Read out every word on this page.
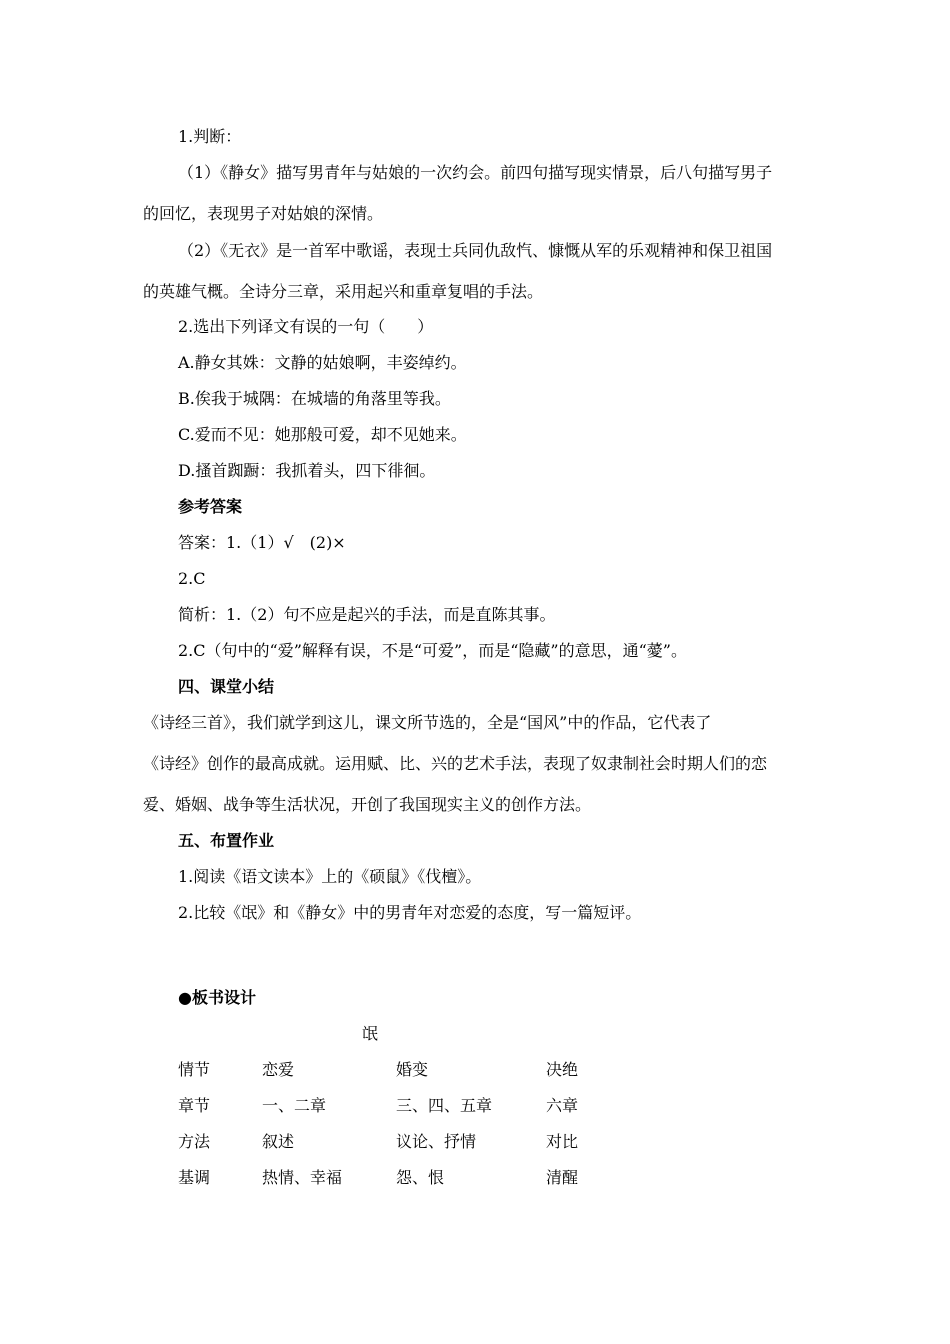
1.判断：
（1）《静女》描写男青年与姑娘的一次约会。前四句描写现实情景，后八句描写男子
的回忆，表现男子对姑娘的深情。
（2）《无衣》是一首军中歌谣，表现士兵同仇敌忾、慷慨从军的乐观精神和保卫祖国
的英雄气概。全诗分三章，采用起兴和重章复唱的手法。
2.选出下列译文有误的一句（　　）
A.静女其姝：文静的姑娘啊，丰姿绰约。
B.俟我于城隅：在城墙的角落里等我。
C.爱而不见：她那般可爱，却不见她来。
D.搔首踟蹰：我抓着头，四下徘徊。
参考答案
答案：1.（1）√　(2)×
2.C
简析：1.（2）句不应是起兴的手法，而是直陈其事。
2.C（句中的“爱”解释有误，不是“可爱”，而是“隐藏”的意思，通“薆”。
四、课堂小结
《诗经三首》，我们就学到这儿，课文所节选的，全是“国风”中的作品，它代表了
《诗经》创作的最高成就。运用赋、比、兴的艺术手法，表现了奴隶制社会时期人们的恋
爱、婚姻、战争等生活状况，开创了我国现实主义的创作方法。
五、布置作业
1.阅读《语文读本》上的《硕鼠》《伐檀》。
2.比较《氓》和《静女》中的男青年对恋爱的态度，写一篇短评。
●板书设计
氓
情节	恋爱	婚变	决绝
章节	一、二章	三、四、五章	六章
方法	叙述	议论、抒情	对比
基调	热情、幸福	怨、恨	清醒
